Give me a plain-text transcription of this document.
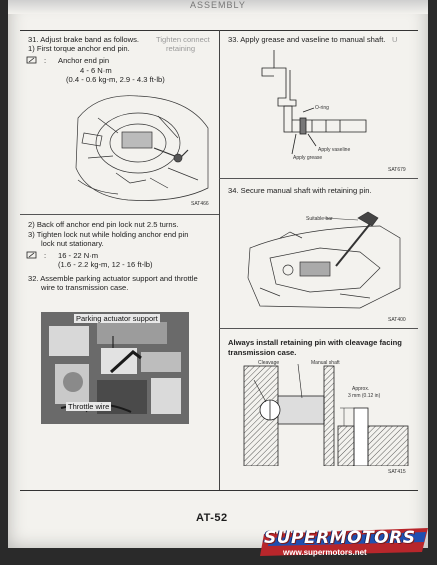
ASSEMBLY
31. Adjust brake band as follows. Tighten connect
1) First torque anchor end pin.	retaining
: Anchor end pin
4 - 6 N·m
(0.4 - 0.6 kg-m, 2.9 - 4.3 ft-lb)
SAT466
2) Back off anchor end pin lock nut 2.5 turns.
3) Tighten lock nut while holding anchor end pin
lock nut stationary.
: 16 - 22 N·m
(1.6 - 2.2 kg-m, 12 - 16 ft-lb)
32. Assemble parking actuator support and throttle
wire to transmission case.
Parking actuator support
Throttle wire
33. Apply grease and vaseline to manual shaft. U
O-ring
Apply vaseline
Apply grease
SAT679
34. Secure manual shaft with retaining pin.
Suitable bar
SAT400
Always install retaining pin with cleavage facing
transmission case.
Cleavage	Manual shaft
Approx.
3 mm (0.12 in)
SAT415
AT-52
SUPERMOTORS
www.supermotors.net
